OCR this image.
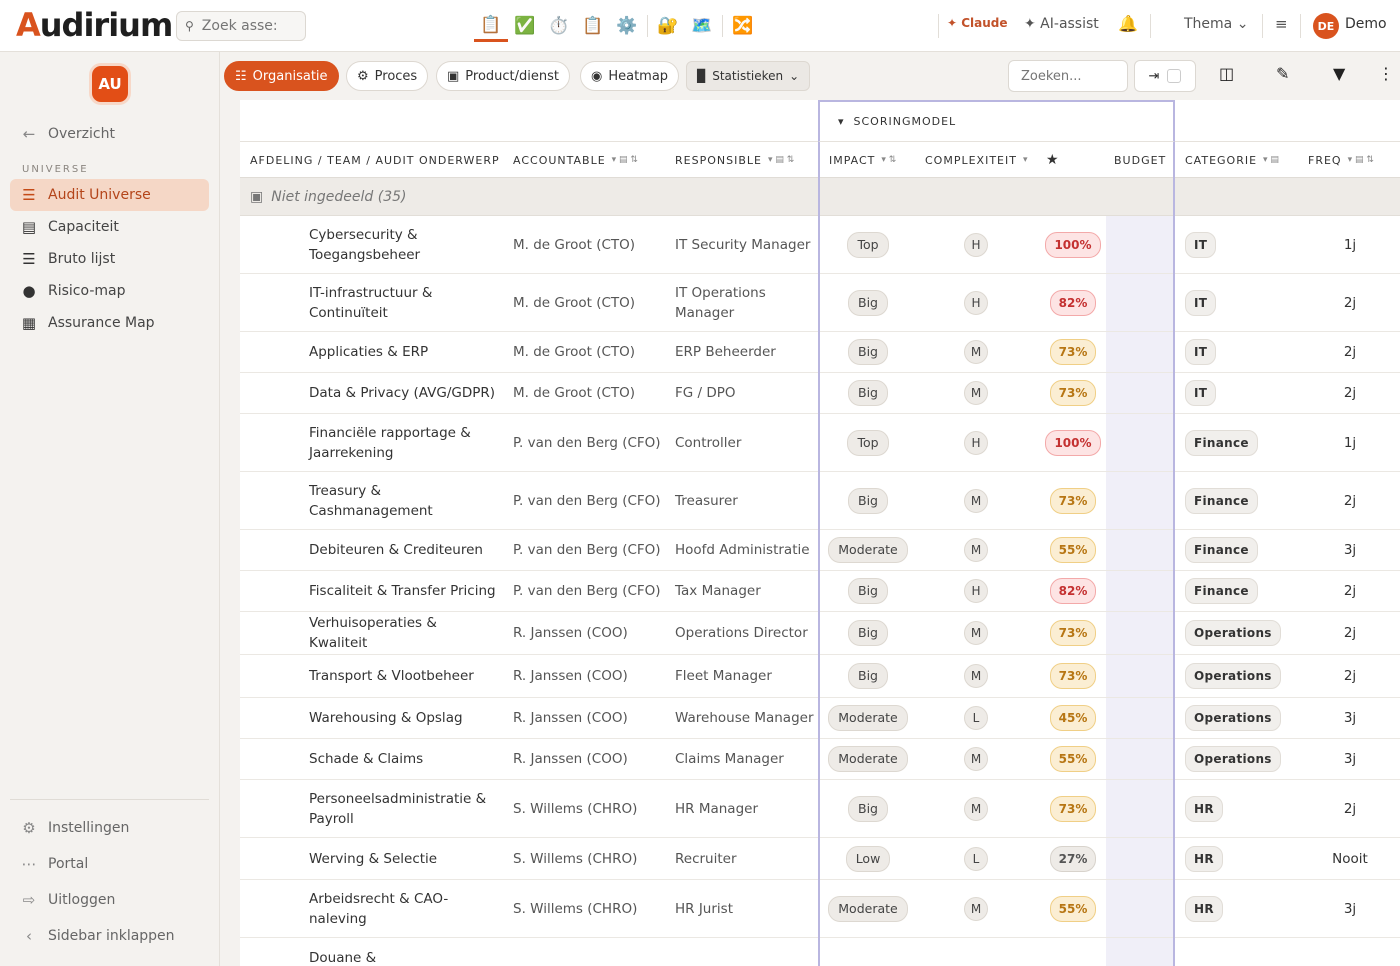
Audirium ⚲
Zoek asse:	📋 ✅ ⏱️ 📋 ⚙️	🔐 🗺️	🔀	✦ Claude ✦ AI-assist 🔔	Thema ⌄ ≡	DE Demo
AU
← Overzicht
UNIVERSE
☰ Audit Universe
▤ Capaciteit
☰ Bruto lijst
● Risico-map
▦ Assurance Map
⚙ Instellingen
⋯ Portal
⇨ Uitloggen
‹	Sidebar inklappen
☷ Organisatie ⚙ Proces ▣ Product/dienst ◉ Heatmap ▉ Statistieken ⌄
Zoeken...	⇥	◫	✎	▼ ⋮
▾ SCORINGMODEL
AFDELING / TEAM / AUDIT ONDERWERP ACCOUNTABLE ▾ ▤ ⇅	RESPONSIBLE ▾ ▤ ⇅	IMPACT ▾ ⇅	COMPLEXITEIT ▾ ★	BUDGET CATEGORIE ▾ ▤	FREQ ▾ ▤ ⇅
▣ Niet ingedeeld (35)
Cybersecurity & Toegangsbeheer
M. de Groot (CTO)	IT Security Manager	Top	H	100%	IT	1j
IT-infrastructuur & Continuïteit
M. de Groot (CTO)
IT Operations Manager
Big	H	82%	IT	2j
Applicaties & ERP	M. de Groot (CTO)	ERP Beheerder	Big	M	73%	IT	2j
Data & Privacy (AVG/GDPR) M. de Groot (CTO)	FG / DPO	Big	M	73%	IT	2j
Financiële rapportage & Jaarrekening
P. van den Berg (CFO)	Controller	Top	H	100%	Finance	1j
Treasury & Cashmanagement
P. van den Berg (CFO)	Treasurer	Big	M	73%	Finance	2j
Debiteuren & Crediteuren	P. van den Berg (CFO)	Hoofd Administratie	Moderate	M	55%	Finance	3j
Fiscaliteit & Transfer Pricing P. van den Berg (CFO)	Tax Manager	Big	H	82%	Finance	2j
Verhuisoperaties & Kwaliteit
R. Janssen (COO)	Operations Director	Big	M	73%	Operations	2j
Transport & Vlootbeheer	R. Janssen (COO)	Fleet Manager	Big	M	73%	Operations	2j
Warehousing & Opslag	R. Janssen (COO)	Warehouse Manager	Moderate	L	45%	Operations	3j
Schade & Claims	R. Janssen (COO)	Claims Manager	Moderate	M	55%	Operations	3j
Personeelsadministratie & Payroll
S. Willems (CHRO)	HR Manager	Big	M	73%	HR	2j
Werving & Selectie	S. Willems (CHRO)	Recruiter	Low	L	27%	HR	Nooit
Arbeidsrecht & CAO-naleving
S. Willems (CHRO)	HR Jurist	Moderate	M	55%	HR	3j
Douane &
